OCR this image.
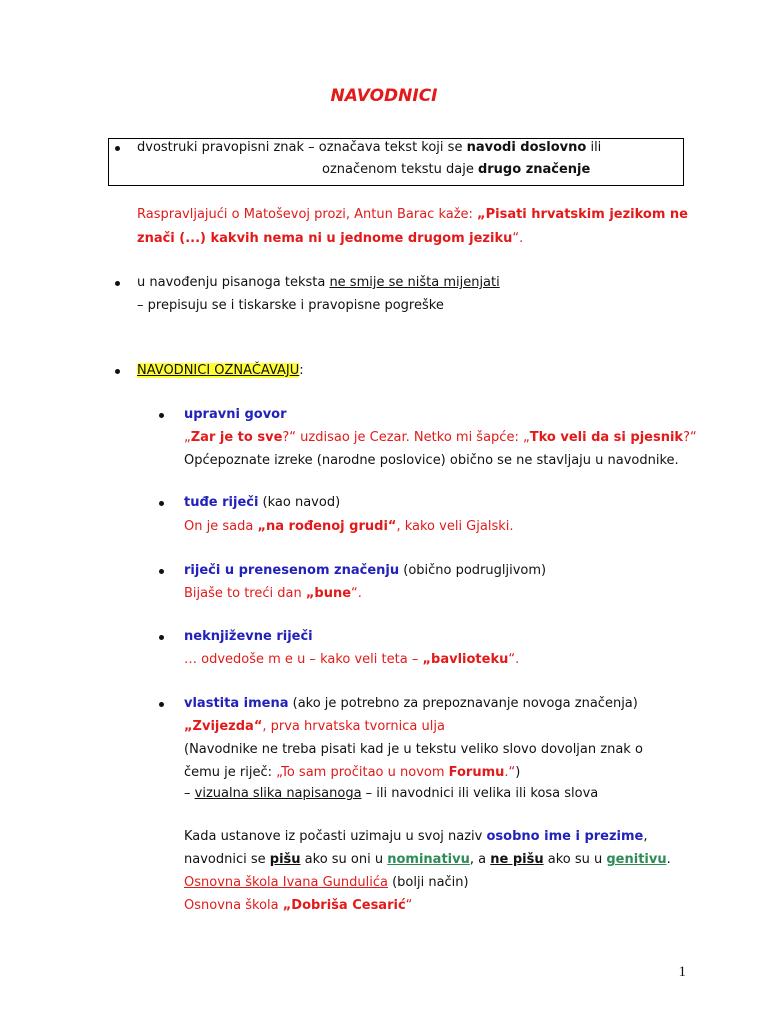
NAVODNICI
dvostruki pravopisni znak – označava tekst koji se navodi doslovno ili
označenom tekstu daje drugo značenje
Raspravljajući o Matoševoj prozi, Antun Barac kaže: „Pisati hrvatskim jezikom ne
znači (...) kakvih nema ni u jednome drugom jeziku“.
u navođenju pisanoga teksta ne smije se ništa mijenjati
– prepisuju se i tiskarske i pravopisne pogreške
NAVODNICI OZNAČAVAJU:
upravni govor
„Zar je to sve?“ uzdisao je Cezar. Netko mi šapće: „Tko veli da si pjesnik?“
Općepoznate izreke (narodne poslovice) obično se ne stavljaju u navodnike.
tuđe riječi (kao navod)
On je sada „na rođenoj grudi“, kako veli Gjalski.
riječi u prenesenom značenju (obično podrugljivom)
Bijaše to treći dan „bune“.
neknjiževne riječi
… odvedoše m e u – kako veli teta – „bavlioteku“.
vlastita imena (ako je potrebno za prepoznavanje novoga značenja)
„Zvijezda“, prva hrvatska tvornica ulja
(Navodnike ne treba pisati kad je u tekstu veliko slovo dovoljan znak o
čemu je riječ: „To sam pročitao u novom Forumu.“)
– vizualna slika napisanoga – ili navodnici ili velika ili kosa slova
Kada ustanove iz počasti uzimaju u svoj naziv osobno ime i prezime,
navodnici se pišu ako su oni u nominativu, a ne pišu ako su u genitivu.
Osnovna škola Ivana Gundulića (bolji način)
Osnovna škola „Dobriša Cesarić“
1
